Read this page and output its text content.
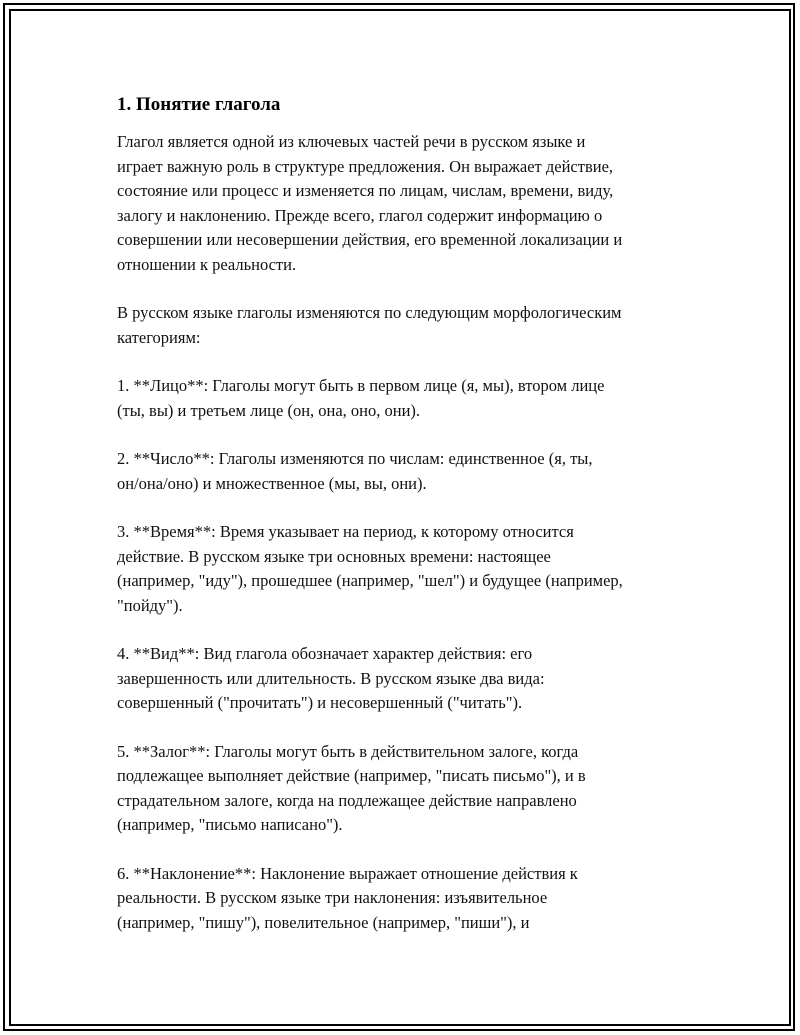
1. Понятие глагола

Глагол является одной из ключевых частей речи в русском языке и
играет важную роль в структуре предложения. Он выражает действие,
состояние или процесс и изменяется по лицам, числам, времени, виду,
залогу и наклонению. Прежде всего, глагол содержит информацию о
совершении или несовершении действия, его временной локализации и
отношении к реальности.

В русском языке глаголы изменяются по следующим морфологическим
категориям:

1. **Лицо**: Глаголы могут быть в первом лице (я, мы), втором лице
(ты, вы) и третьем лице (он, она, оно, они).

2. **Число**: Глаголы изменяются по числам: единственное (я, ты,
он/она/оно) и множественное (мы, вы, они).

3. **Время**: Время указывает на период, к которому относится
действие. В русском языке три основных времени: настоящее
(например, "иду"), прошедшее (например, "шел") и будущее (например,
"пойду").

4. **Вид**: Вид глагола обозначает характер действия: его
завершенность или длительность. В русском языке два вида:
совершенный ("прочитать") и несовершенный ("читать").

5. **Залог**: Глаголы могут быть в действительном залоге, когда
подлежащее выполняет действие (например, "писать письмо"), и в
страдательном залоге, когда на подлежащее действие направлено
(например, "письмо написано").

6. **Наклонение**: Наклонение выражает отношение действия к
реальности. В русском языке три наклонения: изъявительное
(например, "пишу"), повелительное (например, "пиши"), и
